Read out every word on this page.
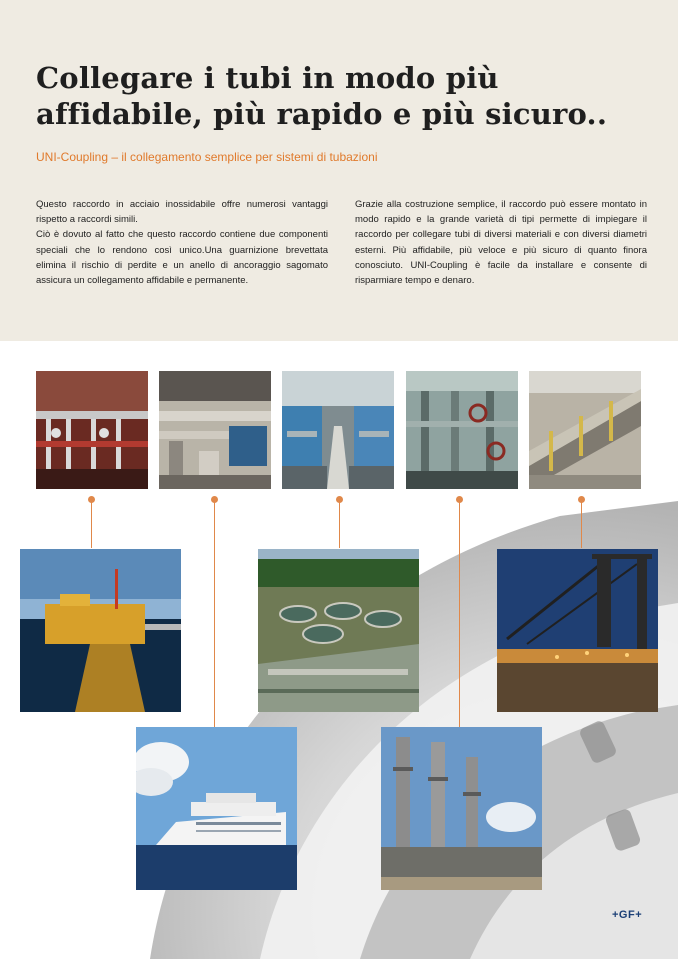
Collegare i tubi in modo più affidabile, più rapido e più sicuro..
UNI-Coupling – il collegamento semplice per sistemi di tubazioni

Questo raccordo in acciaio inossidabile offre numerosi vantaggi rispetto a raccordi simili.

Ciò è dovuto al fatto che questo raccordo contiene due componenti speciali che lo rendono così unico.Una guarnizione brevettata elimina il rischio di perdite e un anello di ancoraggio sagomato assicura un collegamento affidabile e permanente.

Grazie alla costruzione semplice, il raccordo può essere montato in modo rapido e la grande varietà di tipi permette di impiegare il raccordo per collegare tubi di diversi materiali e con diversi diametri esterni. Più affidabile, più veloce e più sicuro di quanto finora conosciuto. UNI-Coupling è facile da installare e consente di risparmiare tempo e denaro.

+GF+
